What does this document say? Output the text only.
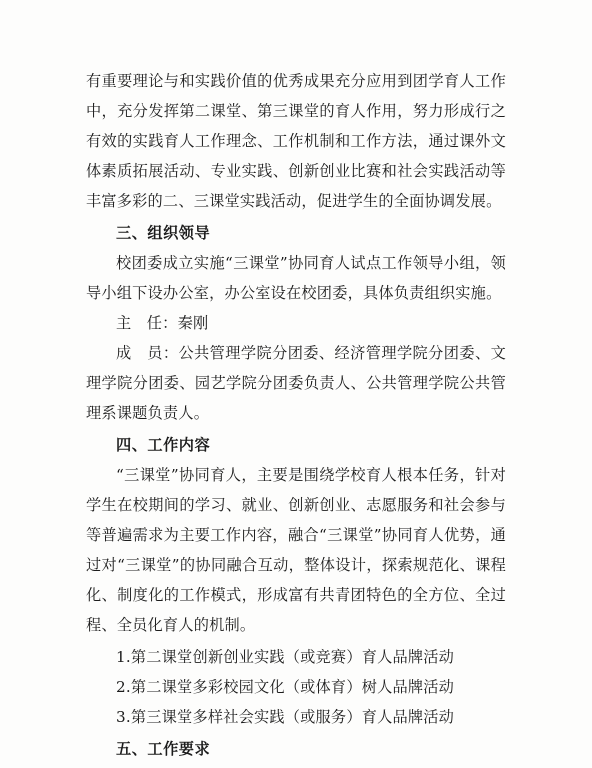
有重要理论与和实践价值的优秀成果充分应用到团学育人工作中，充分发挥第二课堂、第三课堂的育人作用，努力形成行之有效的实践育人工作理念、工作机制和工作方法，通过课外文体素质拓展活动、专业实践、创新创业比赛和社会实践活动等丰富多彩的二、三课堂实践活动，促进学生的全面协调发展。

三、组织领导

校团委成立实施“三课堂”协同育人试点工作领导小组，领导小组下设办公室，办公室设在校团委，具体负责组织实施。

主　任：秦刚

成　员：公共管理学院分团委、经济管理学院分团委、文理学院分团委、园艺学院分团委负责人、公共管理学院公共管理系课题负责人。

四、工作内容

“三课堂”协同育人，主要是围绕学校育人根本任务，针对学生在校期间的学习、就业、创新创业、志愿服务和社会参与等普遍需求为主要工作内容，融合“三课堂”协同育人优势，通过对“三课堂”的协同融合互动，整体设计，探索规范化、课程化、制度化的工作模式，形成富有共青团特色的全方位、全过程、全员化育人的机制。

1.第二课堂创新创业实践（或竞赛）育人品牌活动

2.第二课堂多彩校园文化（或体育）树人品牌活动

3.第三课堂多样社会实践（或服务）育人品牌活动

五、工作要求
